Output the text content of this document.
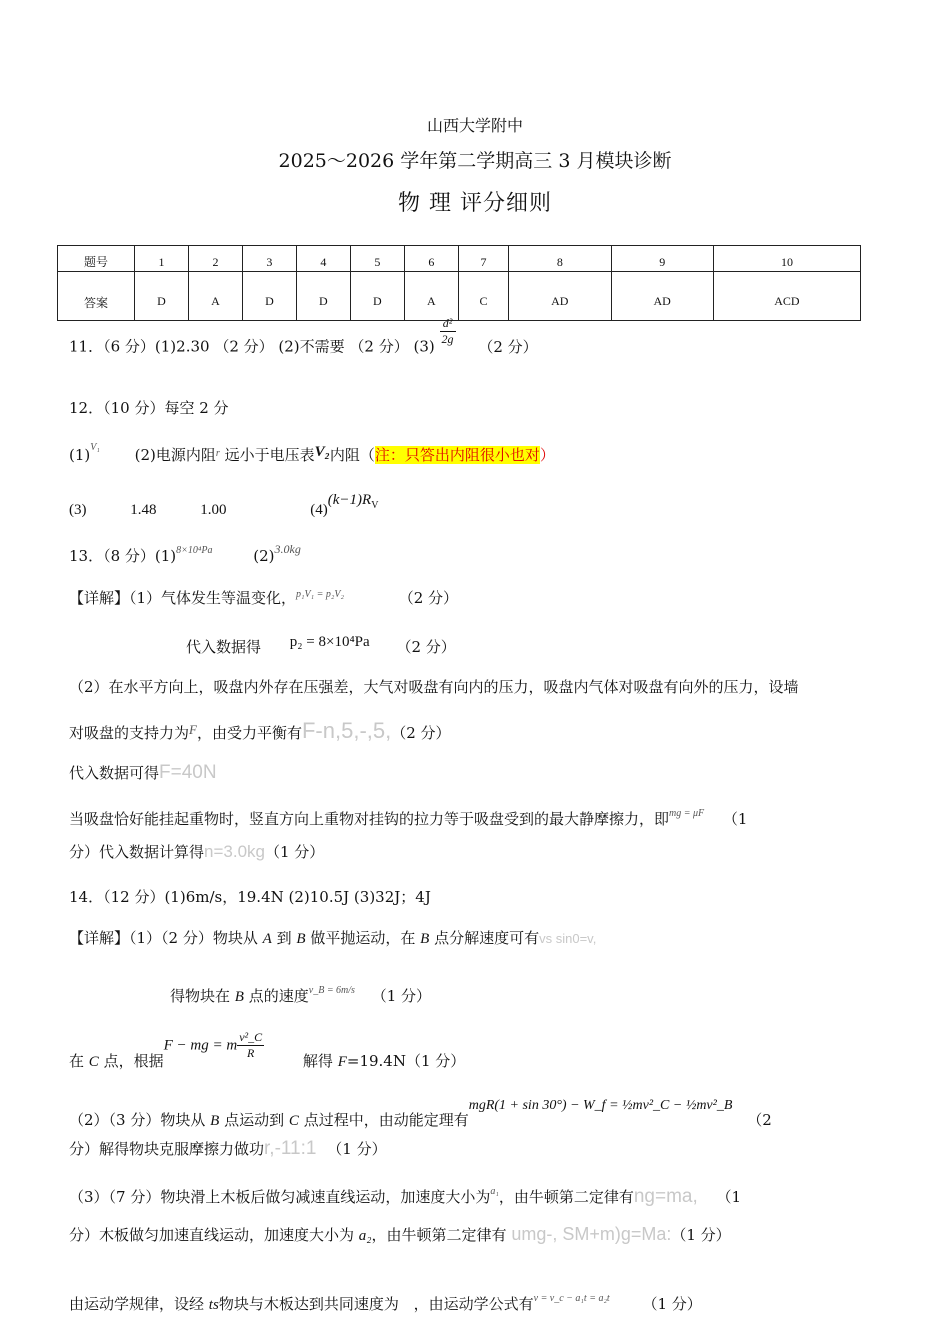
山西大学附中
2025～2026 学年第二学期高三 3 月模块诊断
物 理 评分细则
题号	1	2	3	4	5	6	7	8	9	10
答案	D	A	D	D	D	A	C	AD	AD	ACD
11．（6 分）(1)2.30 （2 分） (2)不需要 （2 分） $(3) \frac{\text{d²}}{2g} (2$ 分）
12．（10 分）每空 2 分
$(1)^{V_1}$ (2)电源内阻$^r$ 远小于电压表V₂内阻（注：只答出内阻很小也对）
(3)	1.48	1.00	$(4)(k-1)R^V$
13．（8 分）$(1)^{8\times 10^4Pa}$	$(2)^{3.0kg}$
【详解】（1）气体发生等温变化，$^{p_1V_1 = p_2V_2}$	（2 分）
代入数据得 p₂ = 8×10⁴Pa （2 分）
（2）在水平方向上，吸盘内外存在压强差，大气对吸盘有向内的压力，吸盘内气体对吸盘有向外的压力，设墙
对吸盘的支持力为F，由受力平衡有F-n,5,-,5,（2 分）
代入数据可得F=40N
当吸盘恰好能挂起重物时，竖直方向上重物对挂钩的拉力等于吸盘受到的最大静摩擦力，即$^{mg = \mu F}$ （1
分）代入数据计算得n=3.0kg（1 分）
14．（12 分）(1)6m/s，19.4N (2)10.5J (3)32J；4J
【详解】（1）（2 分）物块从 A 到 B 做平抛运动，在 B 点分解速度可有vs sin0=v,
得物块在 B 点的速度$^{v\_B = 6m/s}$ （1 分）
在 C 点，根据F − mg = m $\frac{\text{v²\_C}}{R}$	解得 F=19.4N（1 分）
（2）（3 分）物块从 B 点运动到 C 点过程中，由动能定理有mgR(1 + sin 30°) − W_f = ½mv²_C − ½mv²_B （2
分）解得物块克服摩擦力做功r,-11:1 （1 分）
（3）（7 分）物块滑上木板后做匀减速直线运动，加速度大小为$^{a_1}$，由牛顿第二定律有ng=ma, （1
分）木板做匀加速直线运动，加速度大小为 a₂，由牛顿第二定律有 umg-, SM+m)g=Ma:（1 分）
由运动学规律，设经 ts物块与木板达到共同速度为 ，由运动学公式有$^{v = v\_c - a_1t = a_2t}$ （1 分）
